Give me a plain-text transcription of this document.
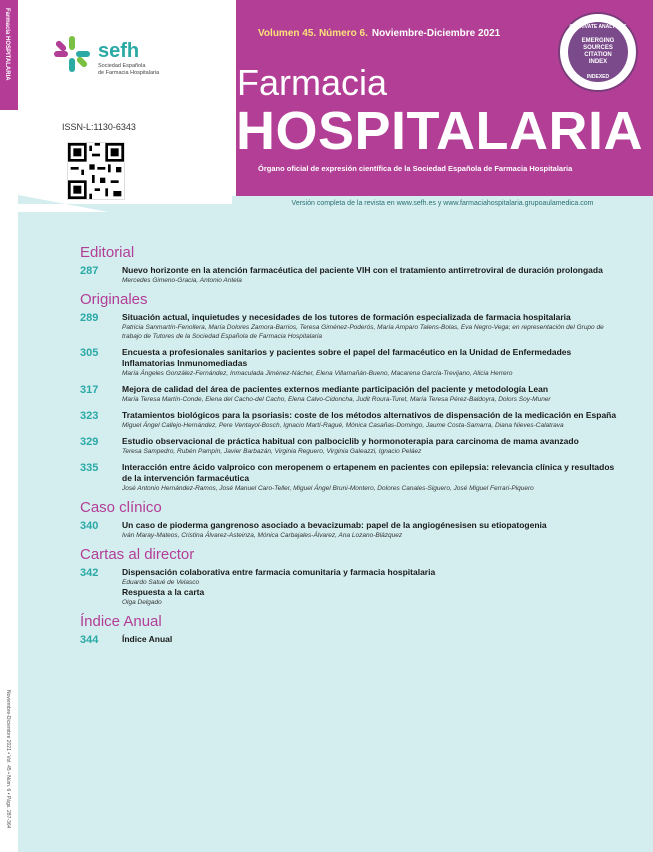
Farmacia HOSPITALARIA
Noviembre-Diciembre 2021 • Vol. 45 • Núm. 6 • Págs. 287-364
sefh
Sociedad Española
de Farmacia Hospitalaria
ISSN-L:1130-6343
Volumen 45. Número 6. Noviembre-Diciembre 2021
Farmacia
HOSPITALARIA
Órgano oficial de expresión científica de la Sociedad Española de Farmacia Hospitalaria
CLARIVATE ANALYTICS
EMERGING
SOURCES
CITATION
INDEX
INDEXED
Versión completa de la revista en www.sefh.es y www.farmaciahospitalaria.grupoaulamedica.com
Editorial
287	Nuevo horizonte en la atención farmacéutica del paciente VIH con el tratamiento antirretroviral de duración prolongada
Mercedes Gimeno-Gracia, Antonio Antela
Originales
289	Situación actual, inquietudes y necesidades de los tutores de formación especializada de farmacia hospitalaria
Patricia Sanmartín-Fenollera, María Dolores Zamora-Barrios, Teresa Giménez-Poderós, María Amparo Talens-Bolas, Eva Negro-Vega; en representación del Grupo de trabajo de Tutores de la Sociedad Española de Farmacia Hospitalaria
305	Encuesta a profesionales sanitarios y pacientes sobre el papel del farmacéutico en la Unidad de Enfermedades Inflamatorias Inmunomediadas
María Ángeles González-Fernández, Inmaculada Jiménez-Nácher, Elena Villamañán-Bueno, Macarena García-Trevijano, Alicia Herrero
317	Mejora de calidad del área de pacientes externos mediante participación del paciente y metodología Lean
María Teresa Martín-Conde, Elena del Cacho-del Cacho, Elena Calvo-Cidoncha, Judit Roura-Turet, María Teresa Pérez-Baldoyra, Dolors Soy-Muner
323	Tratamientos biológicos para la psoriasis: coste de los métodos alternativos de dispensación de la medicación en España
Miguel Ángel Callejo-Hernández, Pere Ventayol-Bosch, Ignacio Martí-Ragué, Mónica Casañas-Domingo, Jaume Costa-Samarra, Diana Nieves-Calatrava
329	Estudio observacional de práctica habitual con palbociclib y hormonoterapia para carcinoma de mama avanzado
Teresa Sampedro, Rubén Pampín, Javier Barbazán, Virginia Reguero, Virginia Galeazzi, Ignacio Peláez
335	Interacción entre ácido valproico con meropenem o ertapenem en pacientes con epilepsia: relevancia clínica y resultados de la intervención farmacéutica
José Antonio Hernández-Ramos, José Manuel Caro-Teller, Miguel Ángel Bruni-Montero, Dolores Canales-Siguero, José Miguel Ferrari-Piquero
Caso clínico
340	Un caso de pioderma gangrenoso asociado a bevacizumab: papel de la angiogénesisen su etiopatogenia
Iván Maray-Mateos, Cristina Álvarez-Asteinza, Mónica Carbajales-Álvarez, Ana Lozano-Blázquez
Cartas al director
342	Dispensación colaborativa entre farmacia comunitaria y farmacia hospitalaria
Eduardo Satué de Velasco
Respuesta a la carta
Olga Delgado
Índice Anual
344	Índice Anual
